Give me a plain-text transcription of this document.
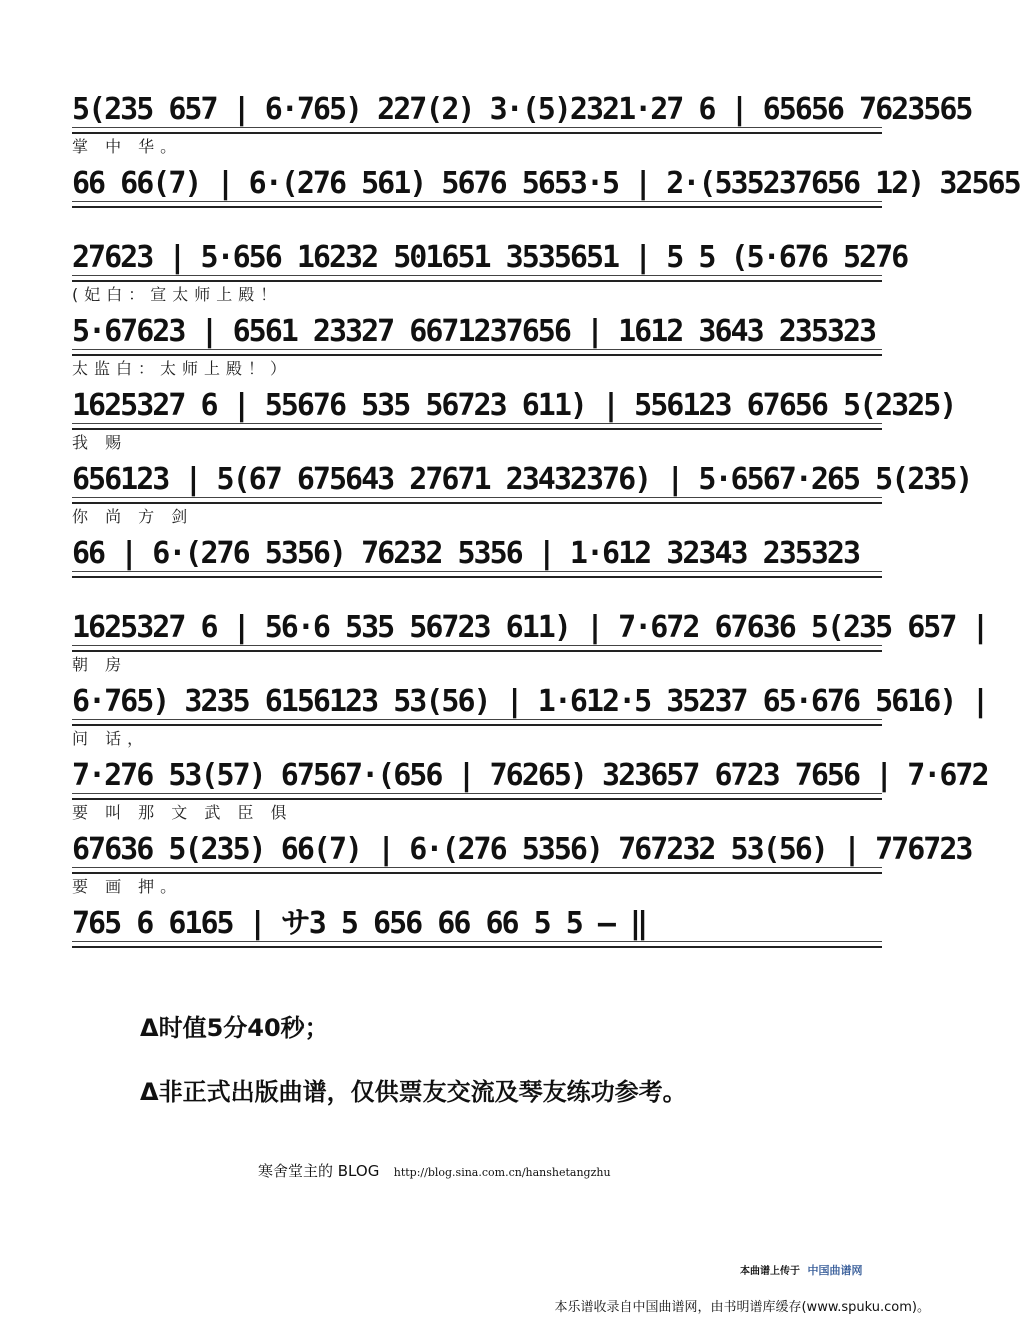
5(235 657 | 6·765) 227(2) 3·(5)2321·27 6 | 65656 7623565
掌 中 华。
66 66(7) | 6·(276 561) 5676 5653·5 | 2·(535237656 12) 32565
27623 | 5·656 16232 501651 3535651 | 5 5 (5·676 5276
(妃白：宣太师上殿！
5·67623 | 6561 23327 6671237656 | 1612 3643 235323
太监白：太师上殿！）
1625327 6 | 55676 535 56723 611) | 556123 67656 5(2325)
我 赐
656123 | 5(67 675643 27671 23432376) | 5·6567·265 5(235)
你 尚 方 剑
66 | 6·(276 5356) 76232 5356 | 1·612 32343 235323
1625327 6 | 56·6 535 56723 611) | 7·672 67636 5(235 657 |
朝 房
6·765) 3235 6156123 53(56) | 1·612·5 35237 65·676 5616) |
问 话，
7·276 53(57) 67567·(656 | 76265) 323657 6723 7656 | 7·672
要 叫 那 文 武 臣 俱
67636 5(235) 66(7) | 6·(276 5356) 767232 53(56) | 776723
要 画 押。
765 6 6165 | サ3 5 656 66 66 5 5 — ‖
Δ时值5分40秒；
Δ非正式出版曲谱，仅供票友交流及琴友练功参考。
寒舍堂主的 BLOG http://blog.sina.com.cn/hanshetangzhu
本曲谱上传于 中国曲谱网
本乐谱收录自中国曲谱网，由书明谱库缓存(www.spuku.com)。
